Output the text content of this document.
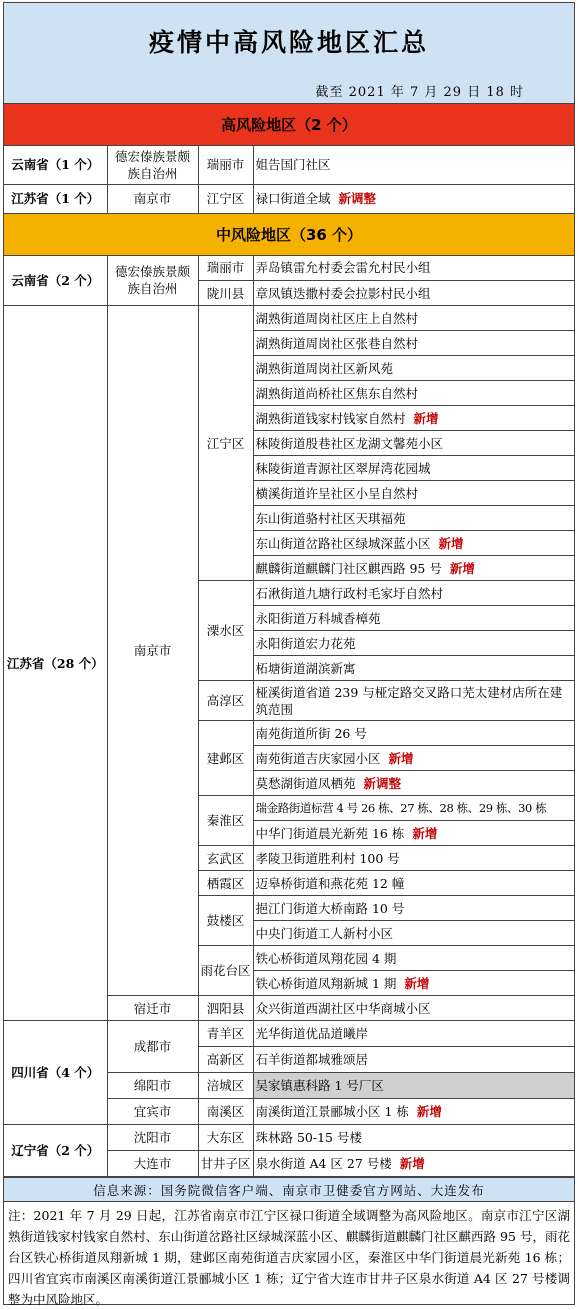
疫情中高风险地区汇总
截至 2021 年 7 月 29 日 18 时
高风险地区（2 个）
云南省（1 个）	德宏傣族景颇族自治州	瑞丽市	姐告国门社区
江苏省（1 个）	南京市	江宁区	禄口街道全域 新调整
中风险地区（36 个）
云南省（2 个）	德宏傣族景颇族自治州	瑞丽市	弄岛镇雷允村委会雷允村民小组
		陇川县	章凤镇迭撒村委会拉影村民小组
江苏省（28 个）	南京市	江宁区	湖熟街道周岗社区庄上自然村
			湖熟街道周岗社区张巷自然村
			湖熟街道周岗社区新风苑
			湖熟街道尚桥社区焦东自然村
			湖熟街道钱家村钱家自然村 新增
			秣陵街道殷巷社区龙湖文馨苑小区
			秣陵街道青源社区翠屏湾花园城
			横溪街道许呈社区小呈自然村
			东山街道骆村社区天琪福苑
			东山街道岔路社区绿城深蓝小区 新增
			麒麟街道麒麟门社区麒西路 95 号 新增
		溧水区	石湫街道九塘行政村毛家圩自然村
			永阳街道万科城香樟苑
			永阳街道宏力花苑
			柘塘街道湖滨新寓
		高淳区	桠溪街道省道 239 与桠定路交叉路口芜太建材店所在建筑范围
		建邺区	南苑街道所街 26 号
			南苑街道吉庆家园小区 新增
			莫愁湖街道凤栖苑 新调整
		秦淮区	瑞金路街道标营 4 号 26 栋、27 栋、28 栋、29 栋、30 栋
			中华门街道晨光新苑 16 栋 新增
		玄武区	孝陵卫街道胜利村 100 号
		栖霞区	迈皋桥街道和燕花苑 12 幢
		鼓楼区	挹江门街道大桥南路 10 号
			中央门街道工人新村小区
		雨花台区	铁心桥街道凤翔花园 4 期
			铁心桥街道凤翔新城 1 期 新增
	宿迁市	泗阳县	众兴街道西湖社区中华商城小区
四川省（4 个）	成都市	青羊区	光华街道优品道曦岸
		高新区	石羊街道都城雅颂居
	绵阳市	涪城区	吴家镇惠科路 1 号厂区
	宜宾市	南溪区	南溪街道江景郦城小区 1 栋 新增
辽宁省（2 个）	沈阳市	大东区	珠林路 50-15 号楼
	大连市	甘井子区	泉水街道 A4 区 27 号楼 新增
信息来源：国务院微信客户端、南京市卫健委官方网站、大连发布
注：2021 年 7 月 29 日起，江苏省南京市江宁区禄口街道全域调整为高风险地区。南京市江宁区湖熟街道钱家村钱家自然村、东山街道岔路社区绿城深蓝小区、麒麟街道麒麟门社区麒西路 95 号，雨花台区铁心桥街道凤翔新城 1 期，建邺区南苑街道吉庆家园小区，秦淮区中华门街道晨光新苑 16 栋；四川省宜宾市南溪区南溪街道江景郦城小区 1 栋；辽宁省大连市甘井子区泉水街道 A4 区 27 号楼调整为中风险地区。
